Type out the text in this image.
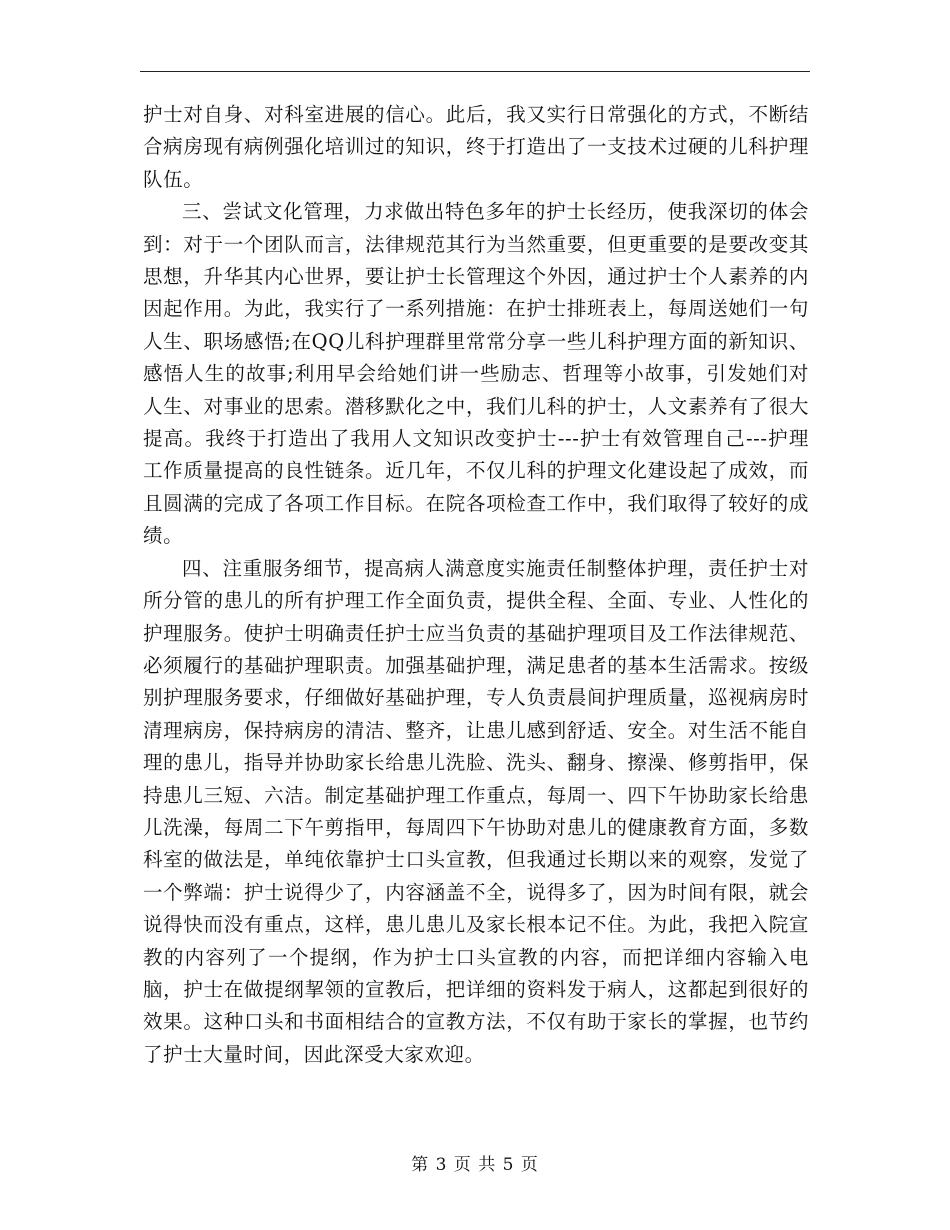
护士对自身、对科室进展的信心。此后，我又实行日常强化的方式，不断结合病房现有病例强化培训过的知识，终于打造出了一支技术过硬的儿科护理队伍。

三、尝试文化管理，力求做出特色多年的护士长经历，使我深切的体会到：对于一个团队而言，法律规范其行为当然重要，但更重要的是要改变其思想，升华其内心世界，要让护士长管理这个外因，通过护士个人素养的内因起作用。为此，我实行了一系列措施：在护士排班表上，每周送她们一句人生、职场感悟;在QQ儿科护理群里常常分享一些儿科护理方面的新知识、感悟人生的故事;利用早会给她们讲一些励志、哲理等小故事，引发她们对人生、对事业的思索。潜移默化之中，我们儿科的护士，人文素养有了很大提高。我终于打造出了我用人文知识改变护士---护士有效管理自己---护理工作质量提高的良性链条。近几年，不仅儿科的护理文化建设起了成效，而且圆满的完成了各项工作目标。在院各项检查工作中，我们取得了较好的成绩。

四、注重服务细节，提高病人满意度实施责任制整体护理，责任护士对所分管的患儿的所有护理工作全面负责，提供全程、全面、专业、人性化的护理服务。使护士明确责任护士应当负责的基础护理项目及工作法律规范、必须履行的基础护理职责。加强基础护理，满足患者的基本生活需求。按级别护理服务要求，仔细做好基础护理，专人负责晨间护理质量，巡视病房时清理病房，保持病房的清洁、整齐，让患儿感到舒适、安全。对生活不能自理的患儿，指导并协助家长给患儿洗脸、洗头、翻身、擦澡、修剪指甲，保持患儿三短、六洁。制定基础护理工作重点，每周一、四下午协助家长给患儿洗澡，每周二下午剪指甲，每周四下午协助对患儿的健康教育方面，多数科室的做法是，单纯依靠护士口头宣教，但我通过长期以来的观察，发觉了一个弊端：护士说得少了，内容涵盖不全，说得多了，因为时间有限，就会说得快而没有重点，这样，患儿患儿及家长根本记不住。为此，我把入院宣教的内容列了一个提纲，作为护士口头宣教的内容，而把详细内容输入电脑，护士在做提纲挈领的宣教后，把详细的资料发于病人，这都起到很好的效果。这种口头和书面相结合的宣教方法，不仅有助于家长的掌握，也节约了护士大量时间，因此深受大家欢迎。

第 3 页 共 5 页
